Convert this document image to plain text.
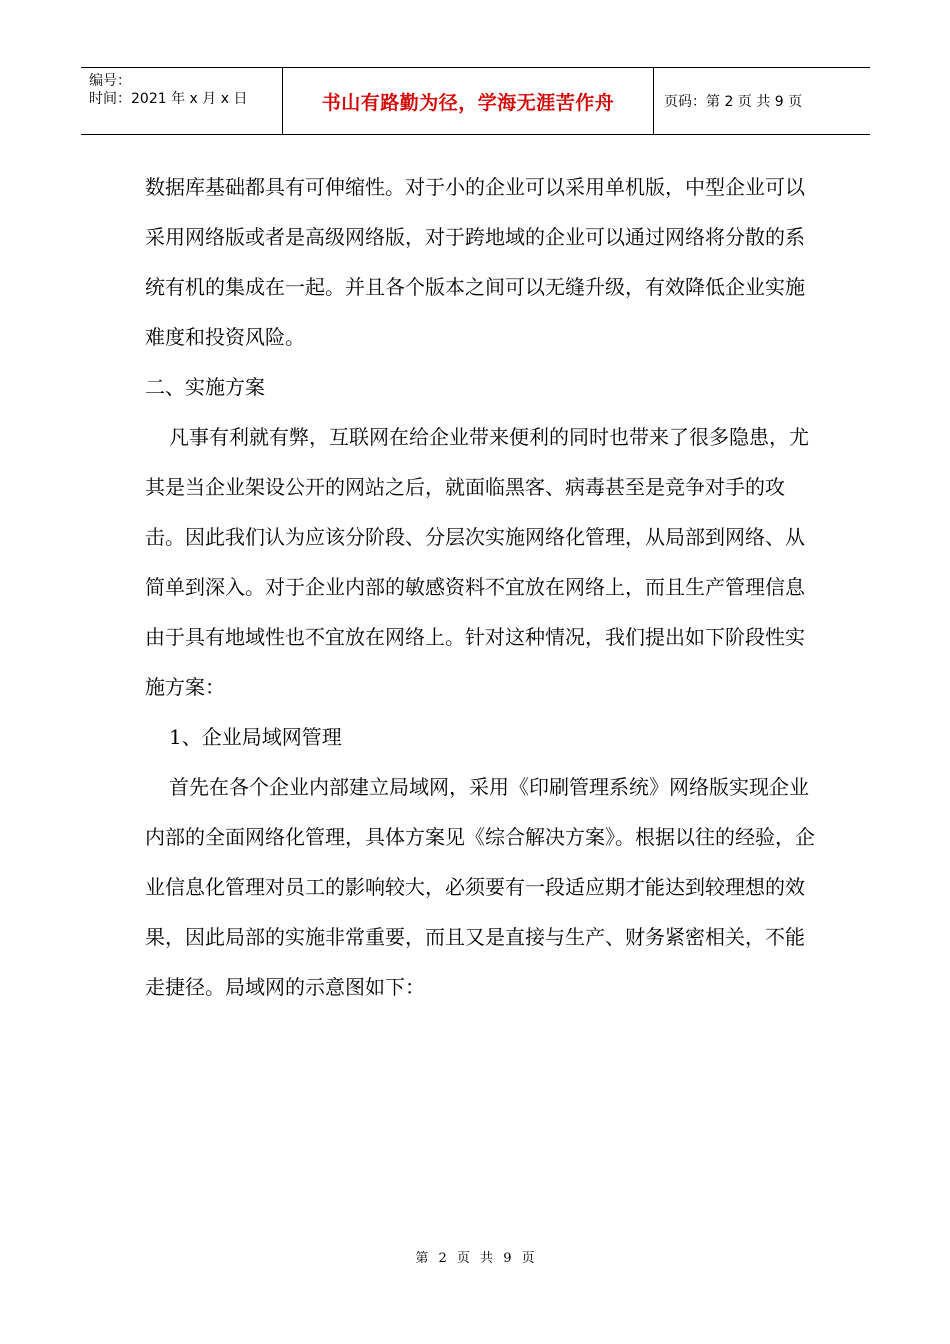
编号：
时间：2021 年 x 月 x 日	书山有路勤为径，学海无涯苦作舟	页码：第 2 页 共 9 页

数据库基础都具有可伸缩性。对于小的企业可以采用单机版，中型企业可以采用网络版或者是高级网络版，对于跨地域的企业可以通过网络将分散的系统有机的集成在一起。并且各个版本之间可以无缝升级，有效降低企业实施难度和投资风险。

二、实施方案

凡事有利就有弊，互联网在给企业带来便利的同时也带来了很多隐患，尤其是当企业架设公开的网站之后，就面临黑客、病毒甚至是竞争对手的攻击。因此我们认为应该分阶段、分层次实施网络化管理，从局部到网络、从简单到深入。对于企业内部的敏感资料不宜放在网络上，而且生产管理信息由于具有地域性也不宜放在网络上。针对这种情况，我们提出如下阶段性实施方案：

1、企业局域网管理

首先在各个企业内部建立局域网，采用《印刷管理系统》网络版实现企业内部的全面网络化管理，具体方案见《综合解决方案》。根据以往的经验，企业信息化管理对员工的影响较大，必须要有一段适应期才能达到较理想的效果，因此局部的实施非常重要，而且又是直接与生产、财务紧密相关，不能走捷径。局域网的示意图如下：

第 2 页 共 9 页
